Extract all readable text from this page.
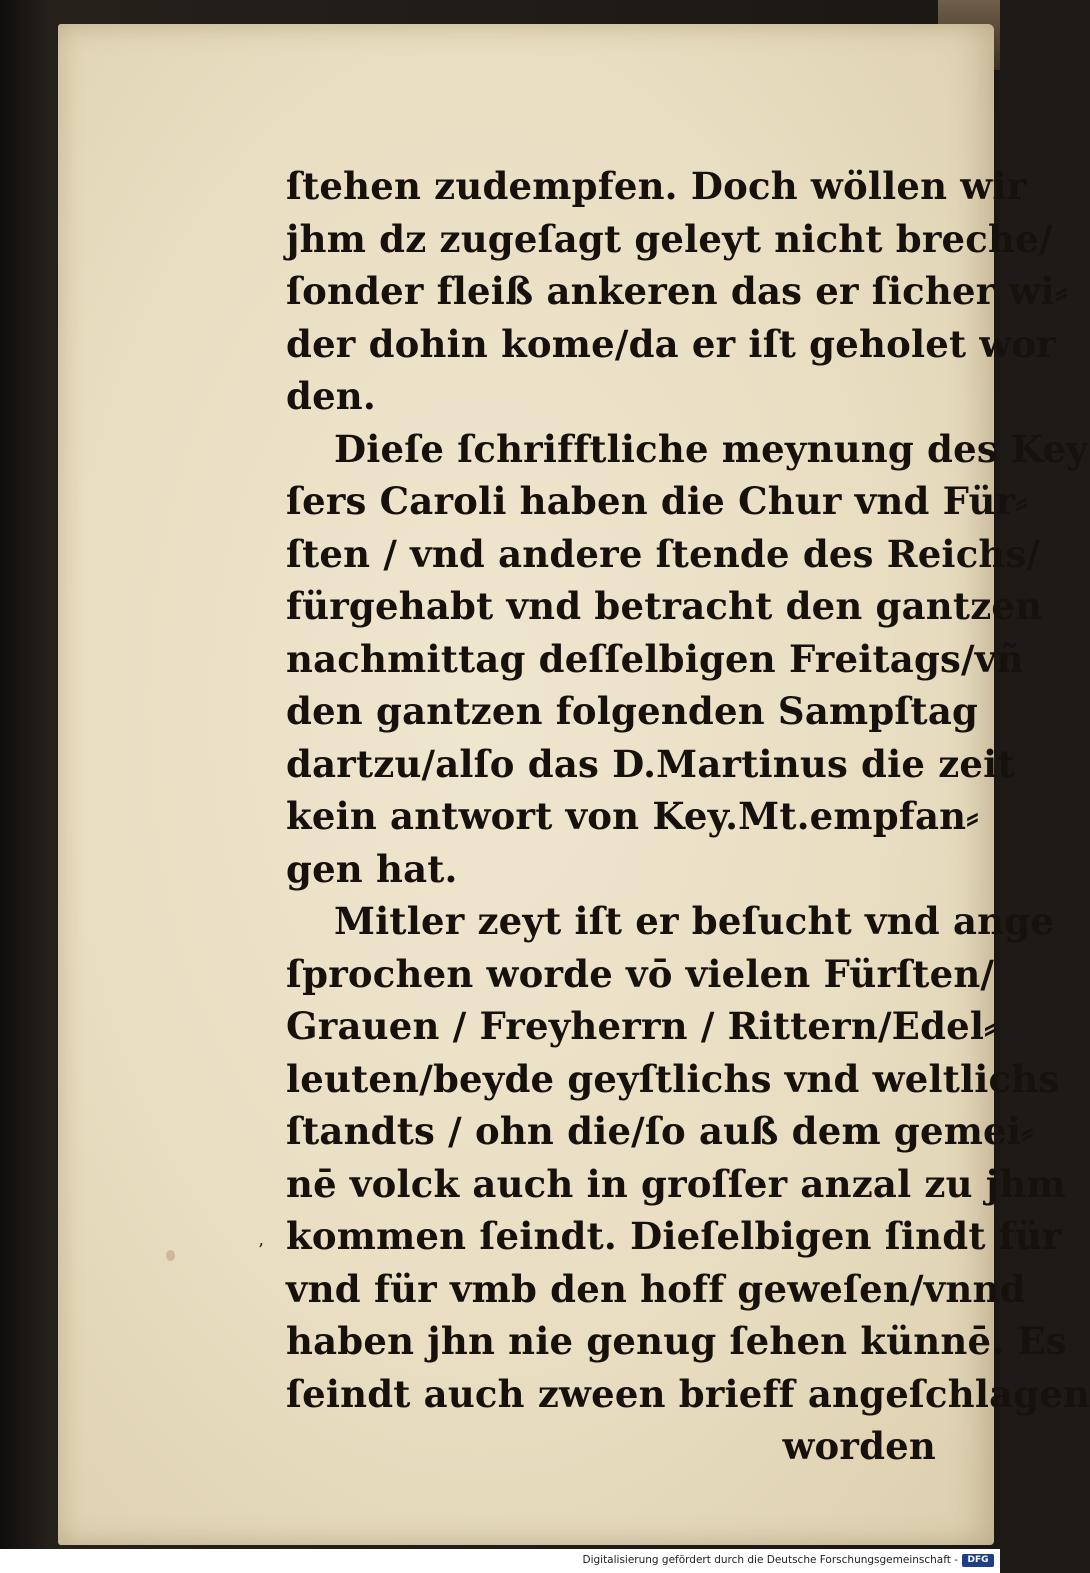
’
ſtehen zudempfen. Doch wöllen wir
jhm dz zugeſagt geleyt nicht breche/
ſonder fleiß ankeren das er ſicher wi⸗
der dohin kome/da er iſt geholet wor
den.
Dieſe ſchrifftliche meynung des Key
ſers Caroli haben die Chur vnd Für⸗
ſten / vnd andere ſtende des Reichs/
fürgehabt vnd betracht den gantzen
nachmittag deſſelbigen Freitags/vñ
den gantzen folgenden Sampſtag
dartzu/alſo das D.Martinus die zeit
kein antwort von Key.Mt.empfan⸗
gen hat.
Mitler zeyt iſt er beſucht vnd ange
ſprochen worde vō vielen Fürſten/
Grauen / Freyherrn / Rittern/Edel⸗
leuten/beyde geyſtlichs vnd weltlichs
ſtandts / ohn die/ſo auß dem gemei⸗
nē volck auch in groſſer anzal zu jhm
kommen ſeindt. Dieſelbigen ſindt für
vnd für vmb den hoff geweſen/vnnd
haben jhn nie genug ſehen künnē. Es
ſeindt auch zween brieff angeſchlagen
worden
Digitalisierung gefördert durch die Deutsche Forschungsgemeinschaft -	DFG
